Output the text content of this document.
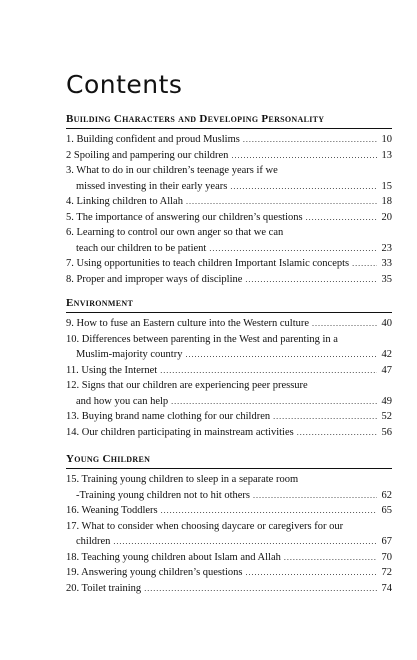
Contents
Building Characters and Developing Personality
1. Building confident and proud Muslims .....	10
2 Spoiling and pampering our children .....	13
3. What to do in our children’s teenage years if we
missed investing in their early years .....	15
4. Linking children to Allah .....	18
5. The importance of answering our children’s questions .....	20
6. Learning to control our own anger so that we can
teach our children to be patient .....	23
7. Using opportunities to teach children Important Islamic concepts .....	33
8. Proper and improper ways of discipline .....	35
Environment
9. How to fuse an Eastern culture into the Western culture .....	40
10. Differences between parenting in the West and parenting in a
Muslim-majority country .....	42
11. Using the Internet .....	47
12. Signs that our children are experiencing peer pressure
and how you can help .....	49
13. Buying brand name clothing for our children .....	52
14. Our children participating in mainstream activities .....	56
Young Children
15. Training young children to sleep in a separate room
-Training young children not to hit others .....	62
16. Weaning Toddlers .....	65
17. What to consider when choosing daycare or caregivers for our
children .....	67
18. Teaching young children about Islam and Allah .....	70
19. Answering young children’s questions .....	72
20. Toilet training .....	74
